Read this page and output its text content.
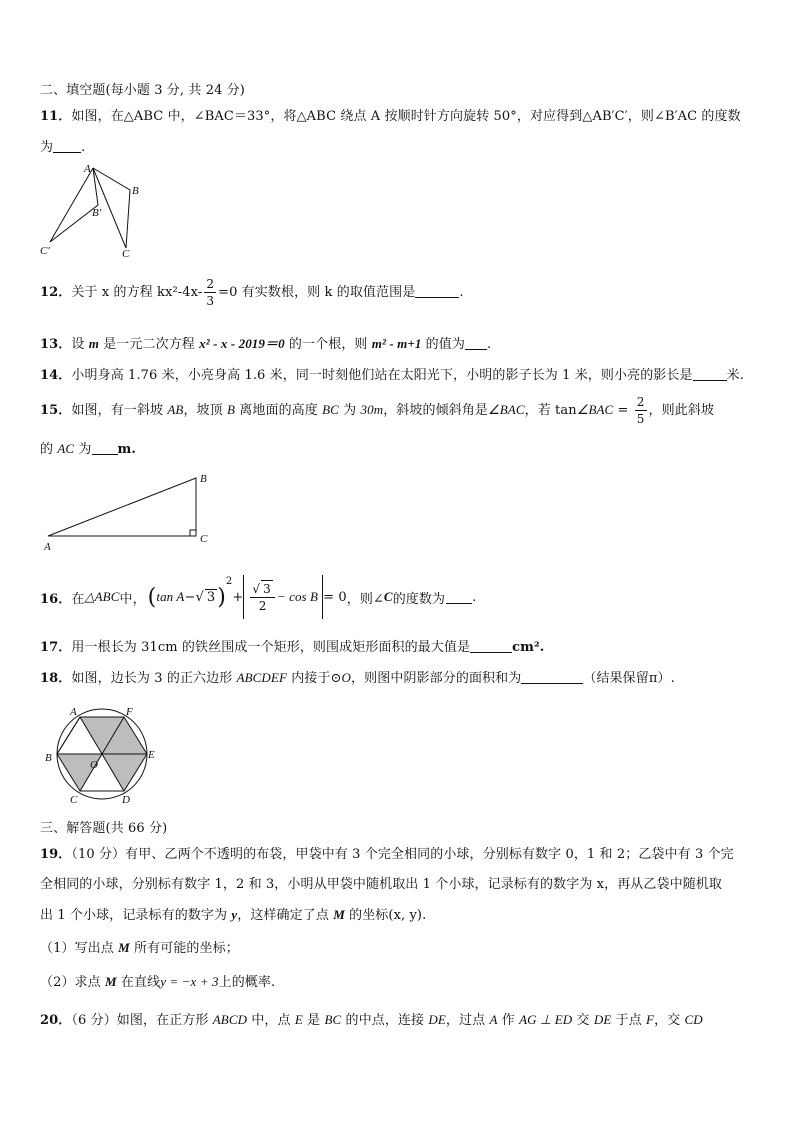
二、填空题(每小题 3 分, 共 24 分)
11．如图，在△ABC 中，∠BAC＝33°，将△ABC 绕点 A 按顺时针方向旋转 50°，对应得到△AB′C′，则∠B′AC 的度数
为 .
A
B
B′
C′	C
12．关于 x 的方程 $kx^2-4x- \frac{2}{3} =0$ 有实数根，则 k 的取值范围是	.
13．设 m 是一元二次方程 x² - x - 2019＝0 的一个根，则 m² - m+1 的值为 .
14．小明身高 1.76 米，小亮身高 1.6 米，同一时刻他们站在太阳光下，小明的影子长为 1 米，则小亮的影长是	米.
15．如图，有一斜坡 AB，坡顶 B 离地面的高度 BC 为 30m，斜坡的倾斜角是∠BAC，若 tan∠BAC = $\frac{2}{5}$ ，则此斜坡
的 AC 为 m.
A
B
C
16． 在 △ABC 中， ( tan A − √ 3 )
$^2$
+ $\frac{√ 3}{2} - \cos B = 0$ ，则∠ C 的度数为 .
17．用一根长为 31cm 的铁丝围成一个矩形，则围成矩形面积的最大值是	cm².
18．如图，边长为 3 的正六边形 ABCDEF 内接于⊙O，则图中阴影部分的面积和为	（结果保留π）.
A	F
B	E
O
C	D
三、解答题(共 66 分)
19．（10 分）有甲、乙两个不透明的布袋，甲袋中有 3 个完全相同的小球，分别标有数字 0，1 和 2；乙袋中有 3 个完
全相同的小球，分别标有数字 1，2 和 3，小明从甲袋中随机取出 1 个小球，记录标有的数字为 x，再从乙袋中随机取
出 1 个小球，记录标有的数字为 y，这样确定了点 M 的坐标(x, y).
（1）写出点 M 所有可能的坐标；
（2）求点 M 在直线y = −x + 3上的概率.
20．（6 分）如图，在正方形 ABCD 中，点 E 是 BC 的中点，连接 DE，过点 A 作 AG ⊥ ED 交 DE 于点 F，交 CD
